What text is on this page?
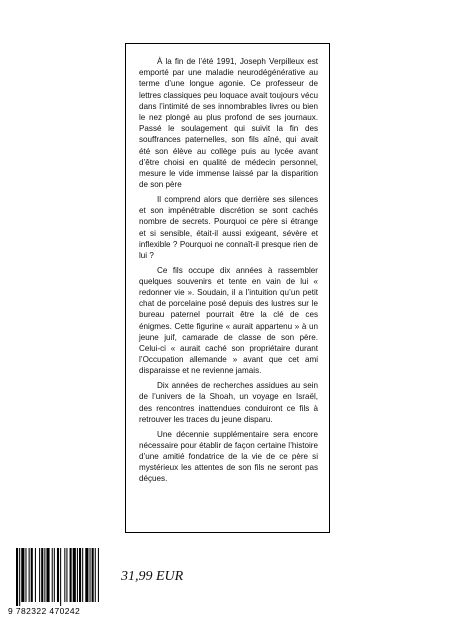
À la fin de l’été 1991, Joseph Verpilleux est emporté par une maladie neurodégénérative au terme d’une longue agonie. Ce professeur de lettres classiques peu loquace avait toujours vécu dans l’intimité de ses innombrables livres ou bien le nez plongé au plus profond de ses journaux. Passé le soulagement qui suivit la fin des souffrances paternelles, son fils aîné, qui avait été son élève au collège puis au lycée avant d’être choisi en qualité de médecin personnel, mesure le vide immense laissé par la disparition de son père

Il comprend alors que derrière ses silences et son impénétrable discrétion se sont cachés nombre de secrets. Pourquoi ce père si étrange et si sensible, était-il aussi exigeant, sévère et inflexible ? Pourquoi ne connaît-il presque rien de lui ?

Ce fils occupe dix années à rassembler quelques souvenirs et tente en vain de lui « redonner vie ». Soudain, il a l’intuition qu’un petit chat de porcelaine posé depuis des lustres sur le bureau paternel pourrait être la clé de ces énigmes. Cette figurine « aurait appartenu » à un jeune juif, camarade de classe de son père. Celui-ci « aurait caché son propriétaire durant l’Occupation allemande » avant que cet ami disparaisse et ne revienne jamais.

Dix années de recherches assidues au sein de l’univers de la Shoah, un voyage en Israël, des rencontres inattendues conduiront ce fils à retrouver les traces du jeune disparu.

Une décennie supplémentaire sera encore nécessaire pour établir de façon certaine l’histoire d’une amitié fondatrice de la vie de ce père si mystérieux les attentes de son fils ne seront pas déçues.

9 782322 470242
31,99 EUR
